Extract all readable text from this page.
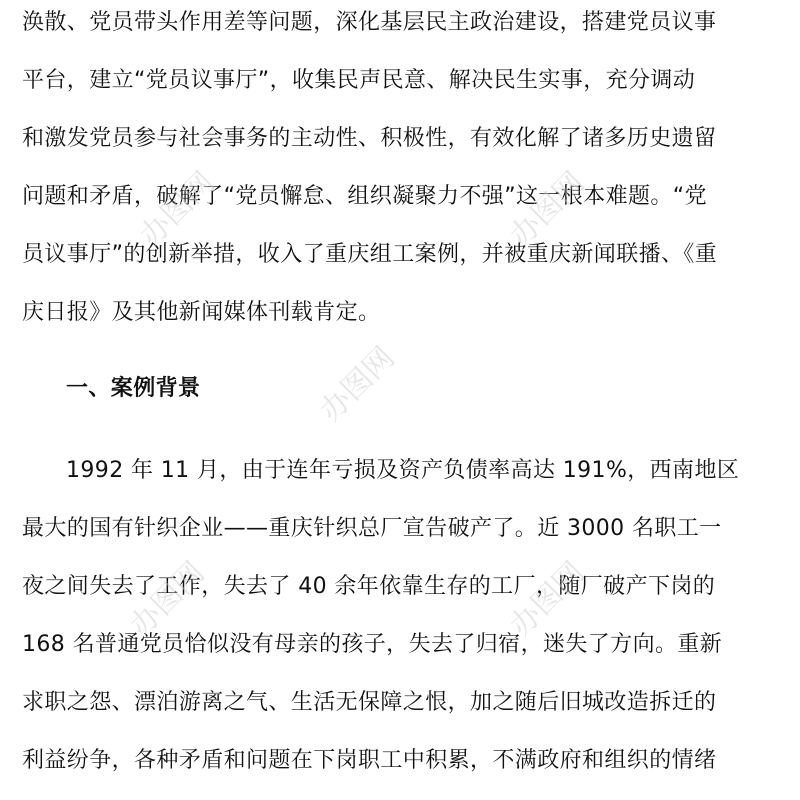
涣散、党员带头作用差等问题，深化基层民主政治建设，搭建党员议事
平台，建立“党员议事厅”，收集民声民意、解决民生实事，充分调动
和激发党员参与社会事务的主动性、积极性，有效化解了诸多历史遗留
问题和矛盾，破解了“党员懈怠、组织凝聚力不强”这一根本难题。“党
员议事厅”的创新举措，收入了重庆组工案例，并被重庆新闻联播、《重
庆日报》及其他新闻媒体刊载肯定。
一、案例背景
1992 年 11 月，由于连年亏损及资产负债率高达 191%，西南地区
最大的国有针织企业——重庆针织总厂宣告破产了。近 3000 名职工一
夜之间失去了工作，失去了 40 余年依靠生存的工厂，随厂破产下岗的
168 名普通党员恰似没有母亲的孩子，失去了归宿，迷失了方向。重新
求职之怨、漂泊游离之气、生活无保障之恨，加之随后旧城改造拆迁的
利益纷争，各种矛盾和问题在下岗职工中积累，不满政府和组织的情绪
办图网	办图网
办图网
办图网	办图网
